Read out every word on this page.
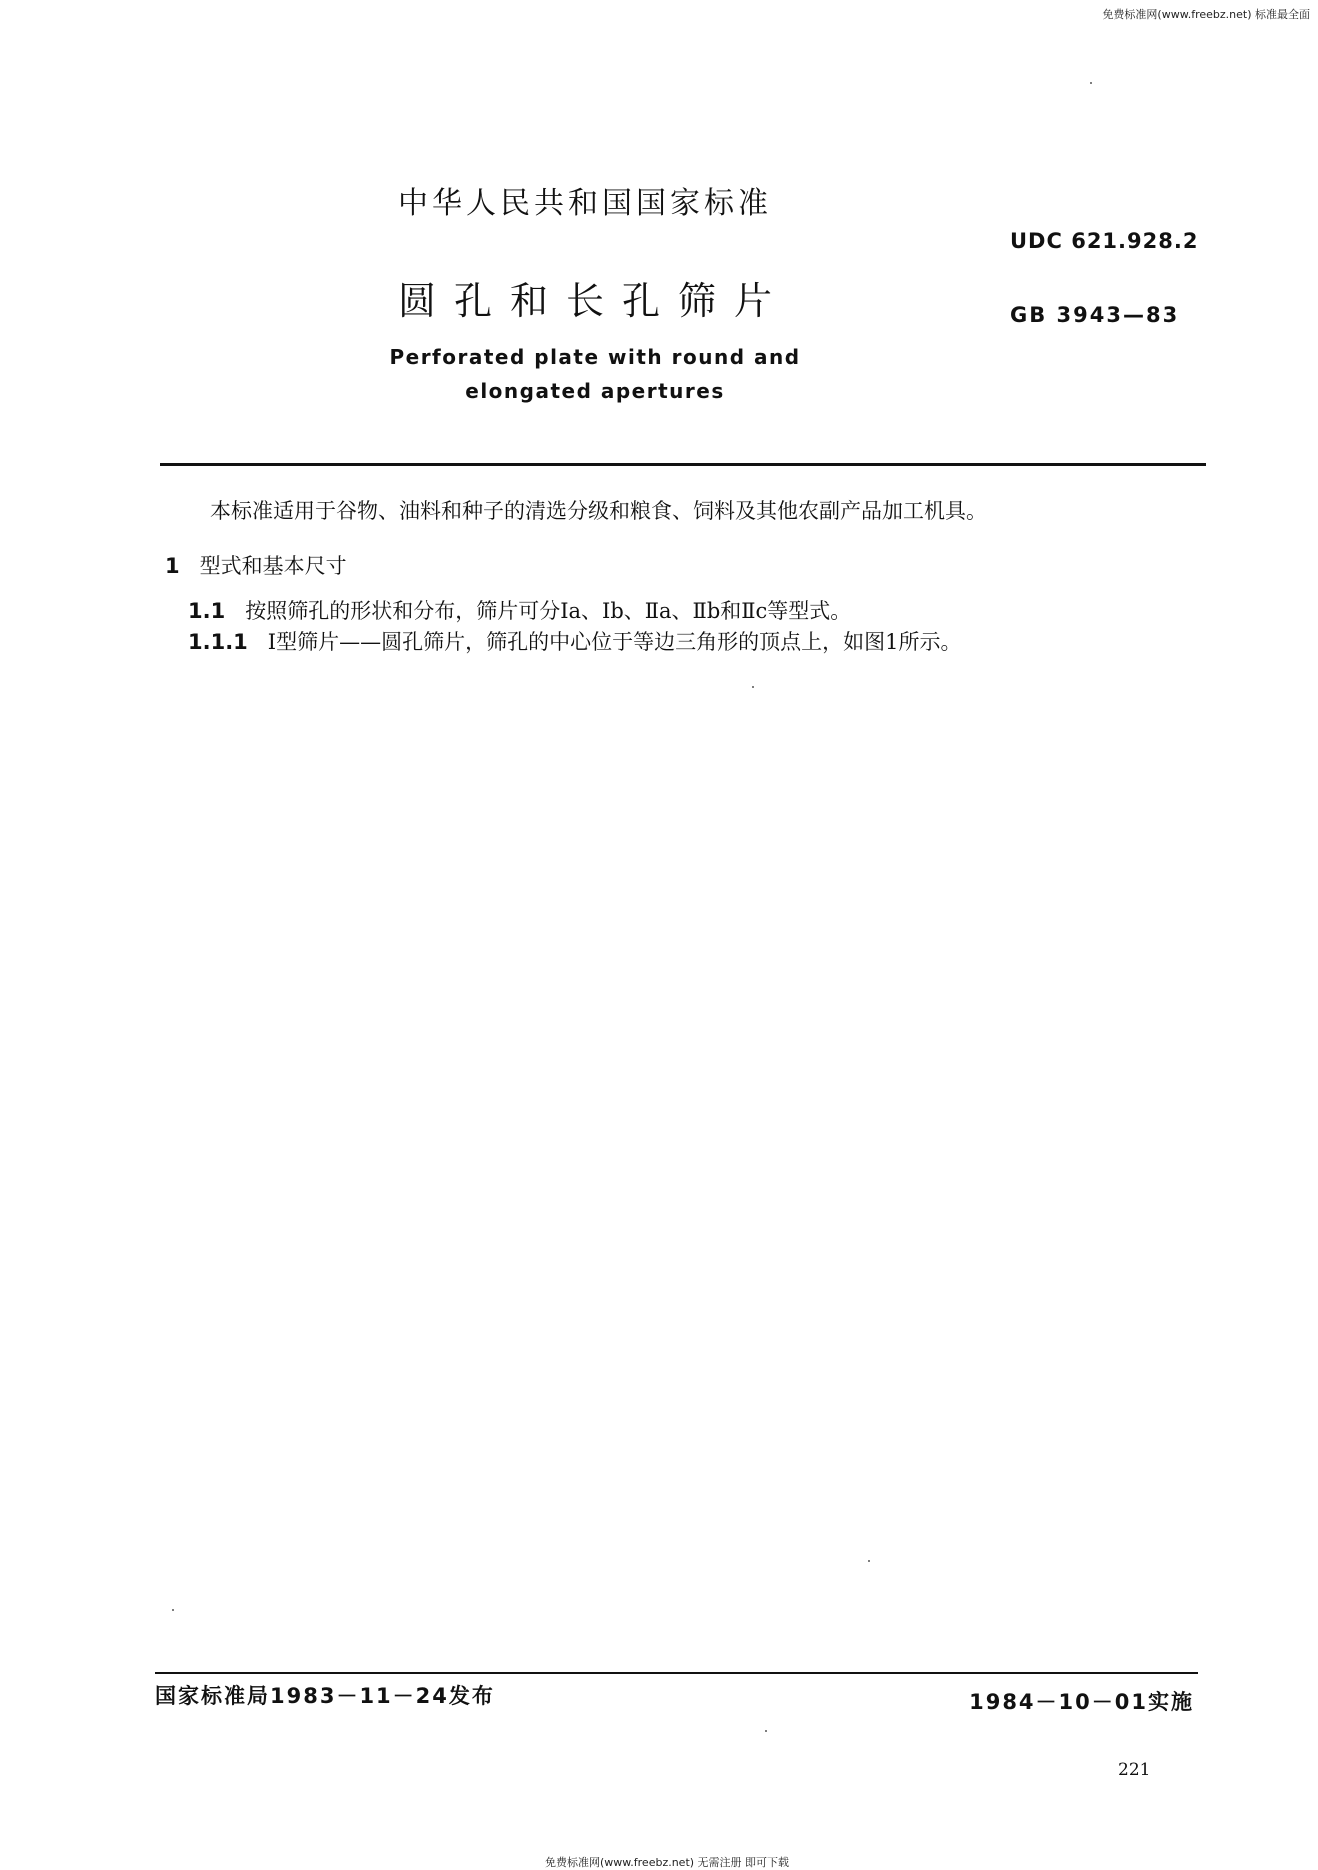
免费标准网(www.freebz.net) 标准最全面
中华人民共和国国家标准
圆孔和长孔筛片
Perforated plate with round and
elongated apertures
UDC 621.928.2
GB 3943—83
本标准适用于谷物、油料和种子的清选分级和粮食、饲料及其他农副产品加工机具。
1 型式和基本尺寸
1.1 按照筛孔的形状和分布，筛片可分Ⅰa、Ⅰb、Ⅱa、Ⅱb和Ⅱc等型式。
1.1.1 Ⅰ型筛片——圆孔筛片，筛孔的中心位于等边三角形的顶点上，如图1所示。
国家标准局1983－11－24发布	1984－10－01实施
221
免费标准网(www.freebz.net) 无需注册 即可下载
